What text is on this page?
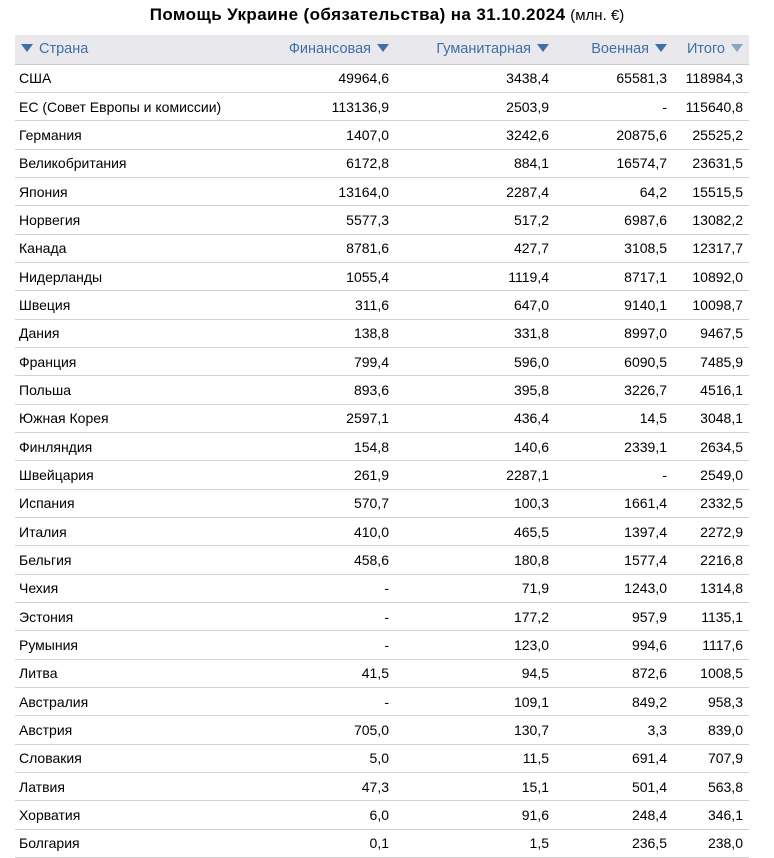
Помощь Украине (обязательства) на 31.10.2024 (млн. €)
Страна	Финансовая	Гуманитарная	Военная	Итого
США	49964,6	3438,4	65581,3	118984,3
ЕС (Совет Европы и комиссии)	113136,9	2503,9	-	115640,8
Германия	1407,0	3242,6	20875,6	25525,2
Великобритания	6172,8	884,1	16574,7	23631,5
Япония	13164,0	2287,4	64,2	15515,5
Норвегия	5577,3	517,2	6987,6	13082,2
Канада	8781,6	427,7	3108,5	12317,7
Нидерланды	1055,4	1119,4	8717,1	10892,0
Швеция	311,6	647,0	9140,1	10098,7
Дания	138,8	331,8	8997,0	9467,5
Франция	799,4	596,0	6090,5	7485,9
Польша	893,6	395,8	3226,7	4516,1
Южная Корея	2597,1	436,4	14,5	3048,1
Финляндия	154,8	140,6	2339,1	2634,5
Швейцария	261,9	2287,1	-	2549,0
Испания	570,7	100,3	1661,4	2332,5
Италия	410,0	465,5	1397,4	2272,9
Бельгия	458,6	180,8	1577,4	2216,8
Чехия	-	71,9	1243,0	1314,8
Эстония	-	177,2	957,9	1135,1
Румыния	-	123,0	994,6	1117,6
Литва	41,5	94,5	872,6	1008,5
Австралия	-	109,1	849,2	958,3
Австрия	705,0	130,7	3,3	839,0
Словакия	5,0	11,5	691,4	707,9
Латвия	47,3	15,1	501,4	563,8
Хорватия	6,0	91,6	248,4	346,1
Болгария	0,1	1,5	236,5	238,0
